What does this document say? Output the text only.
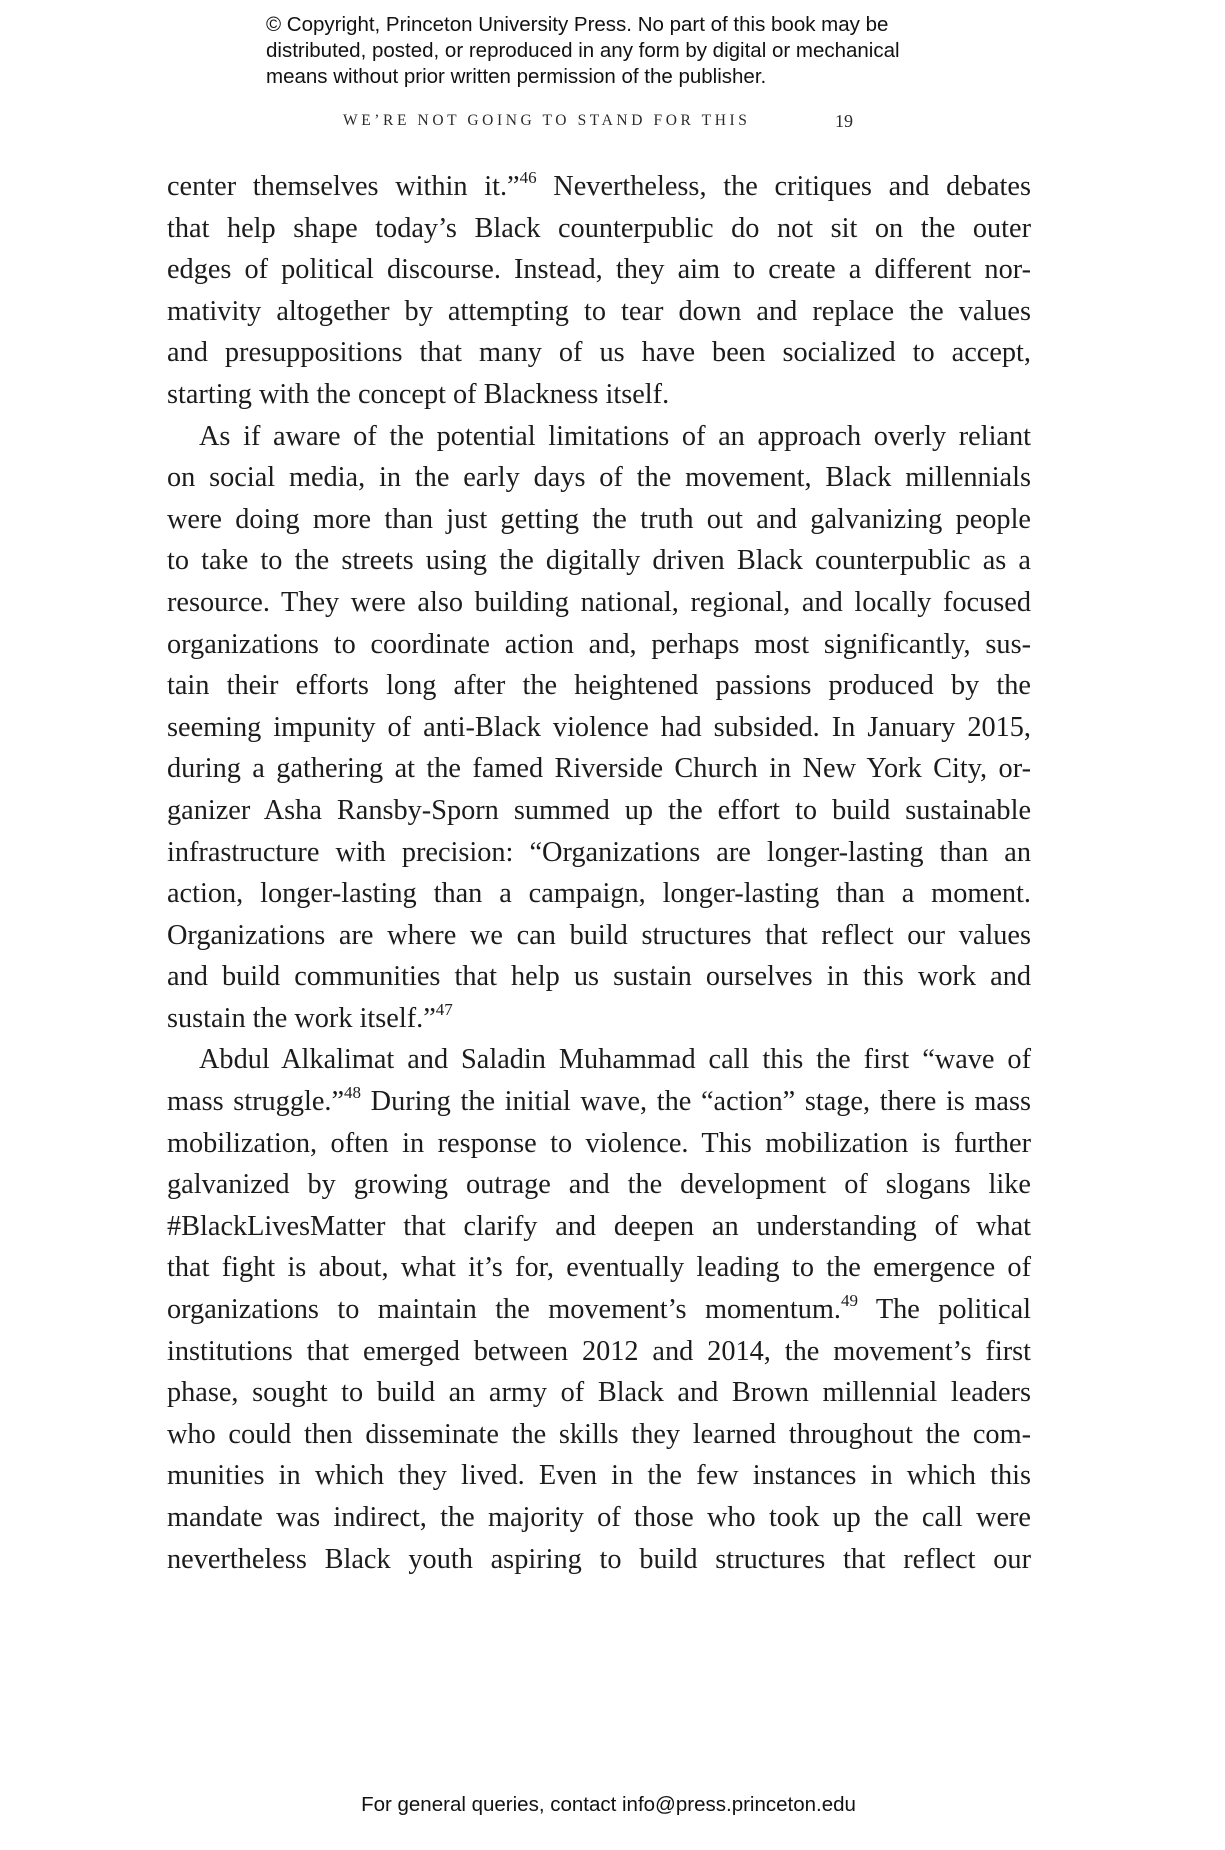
© Copyright, Princeton University Press. No part of this book may be
distributed, posted, or reproduced in any form by digital or mechanical
means without prior written permission of the publisher.
WE’RE NOT GOING TO STAND FOR THIS	19
center themselves within it.”$^{46}$ Nevertheless, the critiques and debates
that help shape today’s Black counterpublic do not sit on the outer
edges of political discourse. Instead, they aim to create a different nor-
mativity altogether by attempting to tear down and replace the values
and presuppositions that many of us have been socialized to accept,
starting with the concept of Blackness itself.
As if aware of the potential limitations of an approach overly reliant
on social media, in the early days of the movement, Black millennials
were doing more than just getting the truth out and galvanizing people
to take to the streets using the digitally driven Black counterpublic as a
resource. They were also building national, regional, and locally focused
organizations to coordinate action and, perhaps most significantly, sus-
tain their efforts long after the heightened passions produced by the
seeming impunity of anti-Black violence had subsided. In January 2015,
during a gathering at the famed Riverside Church in New York City, or-
ganizer Asha Ransby-Sporn summed up the effort to build sustainable
infrastructure with precision: “Organizations are longer-lasting than an
action, longer-lasting than a campaign, longer-lasting than a moment.
Organizations are where we can build structures that reflect our values
and build communities that help us sustain ourselves in this work and
sustain the work itself.”$^{47}$
Abdul Alkalimat and Saladin Muhammad call this the first “wave of
mass struggle.”$^{48}$ During the initial wave, the “action” stage, there is mass
mobilization, often in response to violence. This mobilization is further
galvanized by growing outrage and the development of slogans like
#BlackLivesMatter that clarify and deepen an understanding of what
that fight is about, what it’s for, eventually leading to the emergence of
organizations to maintain the movement’s momentum.$^{49}$ The political
institutions that emerged between 2012 and 2014, the movement’s first
phase, sought to build an army of Black and Brown millennial leaders
who could then disseminate the skills they learned throughout the com-
munities in which they lived. Even in the few instances in which this
mandate was indirect, the majority of those who took up the call were
nevertheless Black youth aspiring to build structures that reflect our
For general queries, contact info@press.princeton.edu
